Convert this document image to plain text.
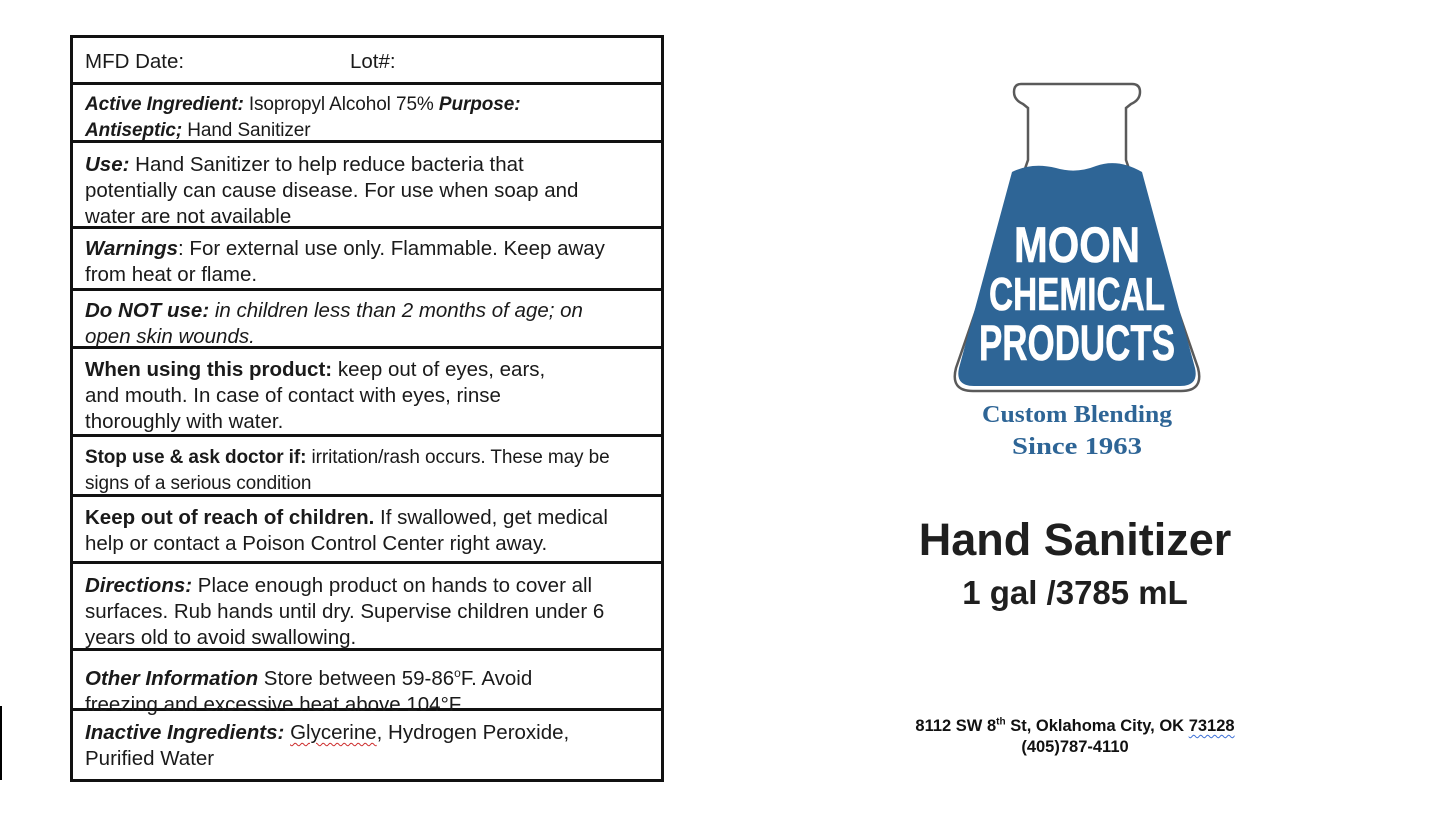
MFD Date:	Lot#:
Active Ingredient: Isopropyl Alcohol 75% Purpose:
Antiseptic; Hand Sanitizer
Use: Hand Sanitizer to help reduce bacteria that
potentially can cause disease. For use when soap and
water are not available
Warnings: For external use only. Flammable. Keep away
from heat or flame.
Do NOT use: in children less than 2 months of age; on
open skin wounds.
When using this product: keep out of eyes, ears,
and mouth. In case of contact with eyes, rinse
thoroughly with water.
Stop use & ask doctor if: irritation/rash occurs. These may be
signs of a serious condition
Keep out of reach of children. If swallowed, get medical
help or contact a Poison Control Center right away.
Directions: Place enough product on hands to cover all
surfaces. Rub hands until dry. Supervise children under 6
years old to avoid swallowing.
Other Information Store between 59-86$^o$F. Avoid
freezing and excessive heat above 104°F
Inactive Ingredients: Glycerine, Hydrogen Peroxide,
Purified Water
MOON
CHEMICAL
PRODUCTS
Custom Blending
Since 1963
Hand Sanitizer
1 gal /3785 mL
8112 SW 8th St, Oklahoma City, OK 73128
(405)787-4110
